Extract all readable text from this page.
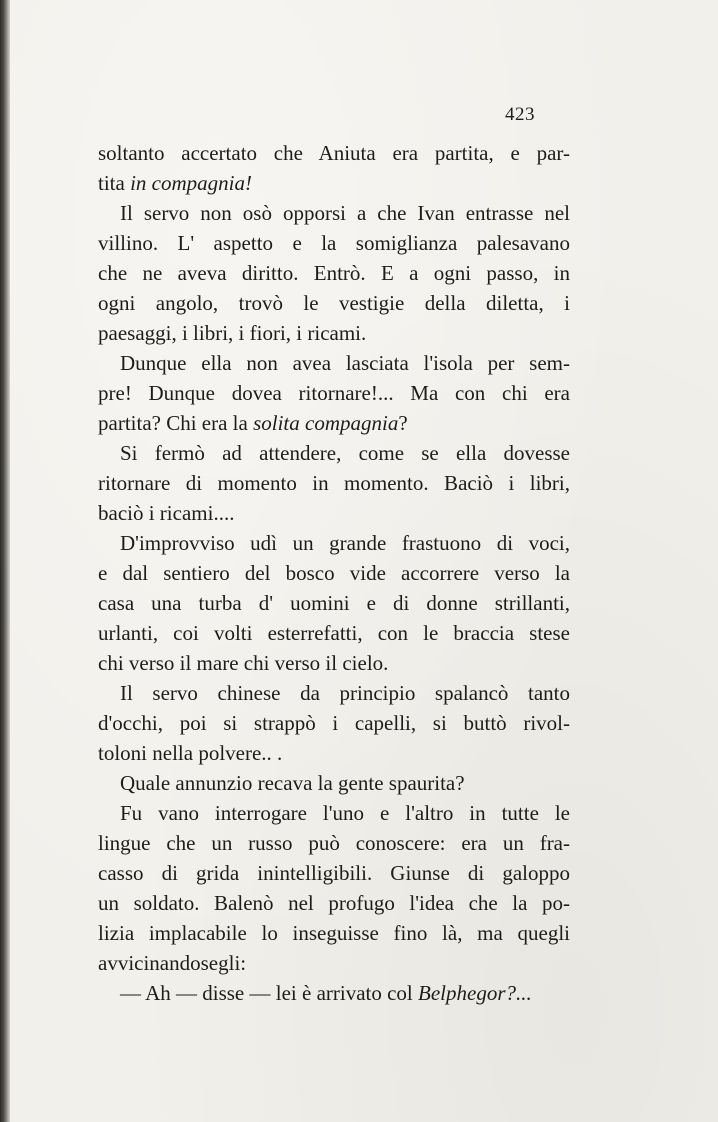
423
soltanto accertato che Aniuta era partita, e par-
tita in compagnia!
Il servo non osò opporsi a che Ivan entrasse nel
villino. L' aspetto e la somiglianza palesavano
che ne aveva diritto. Entrò. E a ogni passo, in
ogni angolo, trovò le vestigie della diletta, i
paesaggi, i libri, i fiori, i ricami.
Dunque ella non avea lasciata l'isola per sem-
pre! Dunque dovea ritornare!... Ma con chi era
partita? Chi era la solita compagnia?
Si fermò ad attendere, come se ella dovesse
ritornare di momento in momento. Baciò i libri,
baciò i ricami....
D'improvviso udì un grande frastuono di voci,
e dal sentiero del bosco vide accorrere verso la
casa una turba d' uomini e di donne strillanti,
urlanti, coi volti esterrefatti, con le braccia stese
chi verso il mare chi verso il cielo.
Il servo chinese da principio spalancò tanto
d'occhi, poi si strappò i capelli, si buttò rivol-
toloni nella polvere.. .
Quale annunzio recava la gente spaurita?
Fu vano interrogare l'uno e l'altro in tutte le
lingue che un russo può conoscere: era un fra-
casso di grida inintelligibili. Giunse di galoppo
un soldato. Balenò nel profugo l'idea che la po-
lizia implacabile lo inseguisse fino là, ma quegli
avvicinandosegli:
— Ah — disse — lei è arrivato col Belphegor?...
